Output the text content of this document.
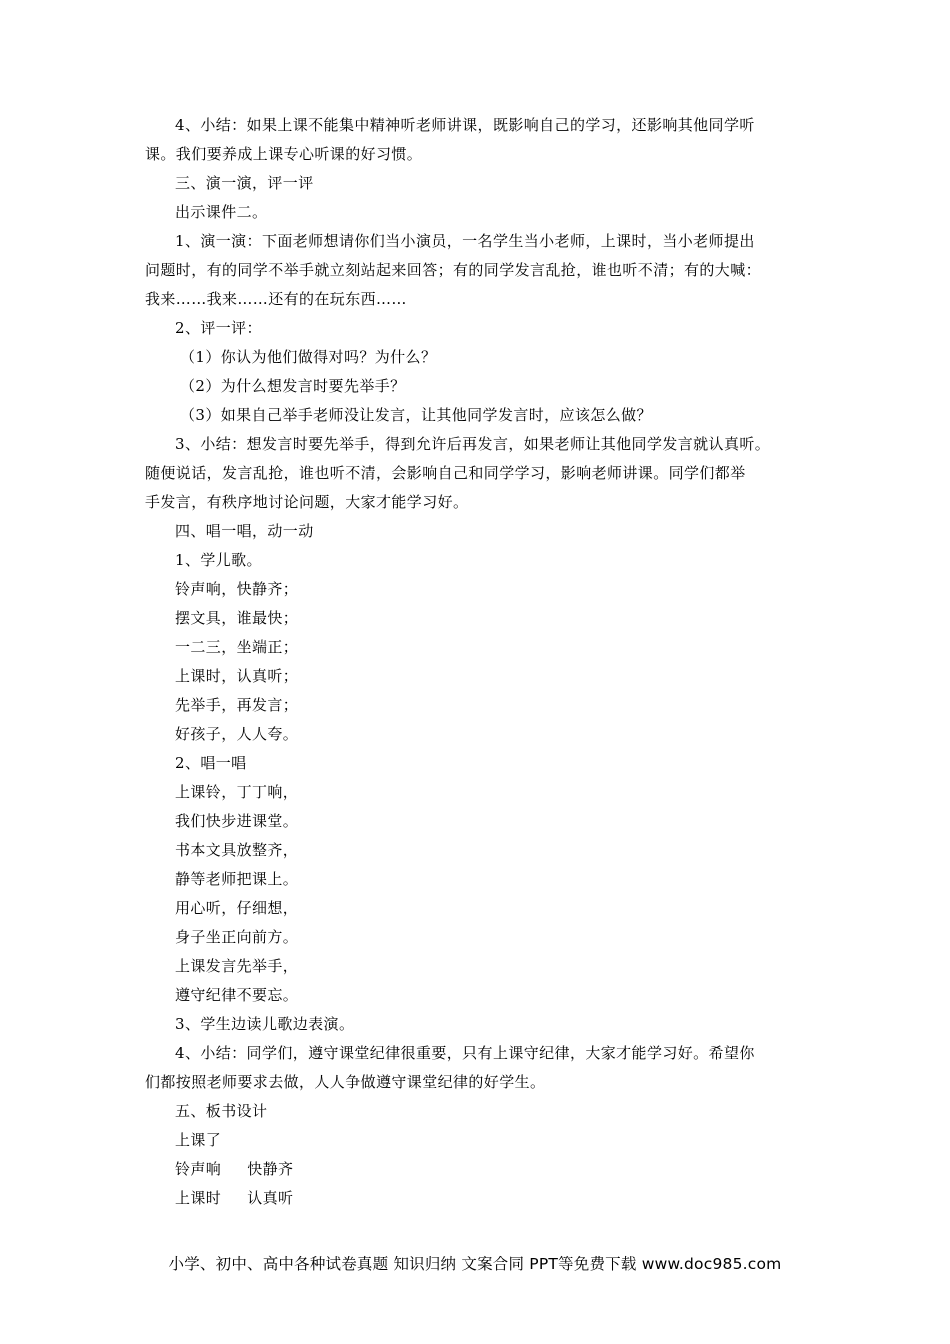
4、小结：如果上课不能集中精神听老师讲课，既影响自己的学习，还影响其他同学听
课。我们要养成上课专心听课的好习惯。
三、演一演，评一评
出示课件二。
1、演一演：下面老师想请你们当小演员，一名学生当小老师，上课时，当小老师提出
问题时，有的同学不举手就立刻站起来回答；有的同学发言乱抢，谁也听不清；有的大喊：
我来……我来……还有的在玩东西……
2、评一评：
（1）你认为他们做得对吗？为什么？
（2）为什么想发言时要先举手？
（3）如果自己举手老师没让发言，让其他同学发言时，应该怎么做？
3、小结：想发言时要先举手，得到允许后再发言，如果老师让其他同学发言就认真听。
随便说话，发言乱抢，谁也听不清，会影响自己和同学学习，影响老师讲课。同学们都举
手发言，有秩序地讨论问题，大家才能学习好。
四、唱一唱，动一动
1、学儿歌。
铃声响，快静齐；
摆文具，谁最快；
一二三，坐端正；
上课时，认真听；
先举手，再发言；
好孩子，人人夸。
2、唱一唱
上课铃，丁丁响，
我们快步进课堂。
书本文具放整齐，
静等老师把课上。
用心听，仔细想，
身子坐正向前方。
上课发言先举手，
遵守纪律不要忘。
3、学生边读儿歌边表演。
4、小结：同学们，遵守课堂纪律很重要，只有上课守纪律，大家才能学习好。希望你
们都按照老师要求去做，人人争做遵守课堂纪律的好学生。
五、板书设计
上课了
铃声响 快静齐
上课时 认真听
小学、初中、高中各种试卷真题 知识归纳 文案合同 PPT等免费下载 www.doc985.com
